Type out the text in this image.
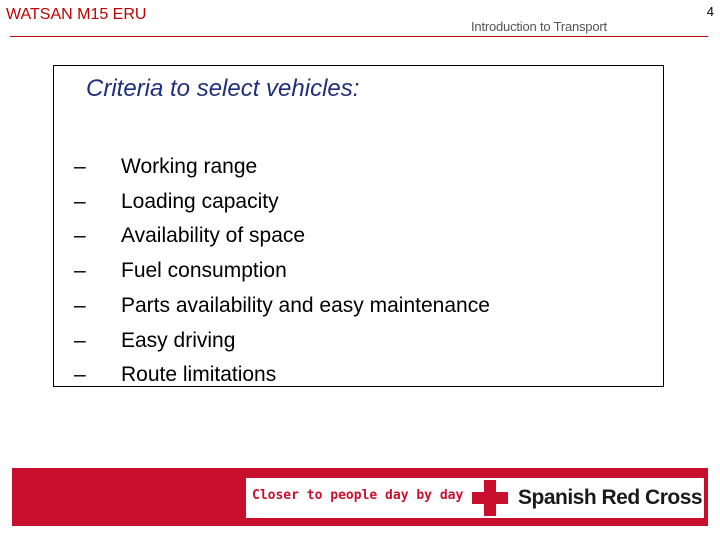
WATSAN M15 ERU
Introduction to Transport
4
Criteria to select vehicles:
–	Working range
–	Loading capacity
–	Availability of space
–	Fuel consumption
–	Parts availability and easy maintenance
–	Easy driving
–	Route limitations
Closer to people day by day	Spanish Red Cross
